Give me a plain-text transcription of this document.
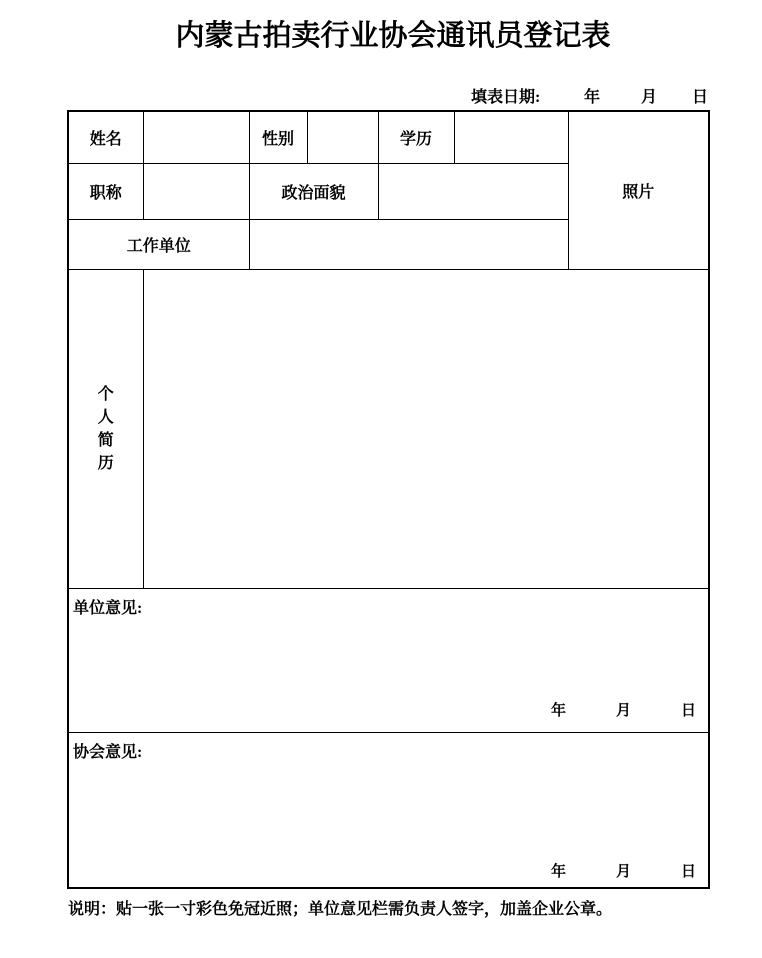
内蒙古拍卖行业协会通讯员登记表
填表日期:	年	月 日
姓名		性别		学历		照片
职称		政治面貌				
工作单位						

个人简历						

单位意见:
年 月 日						

协会意见:
年 月 日						
说明：贴一张一寸彩色免冠近照；单位意见栏需负责人签字，加盖企业公章。
